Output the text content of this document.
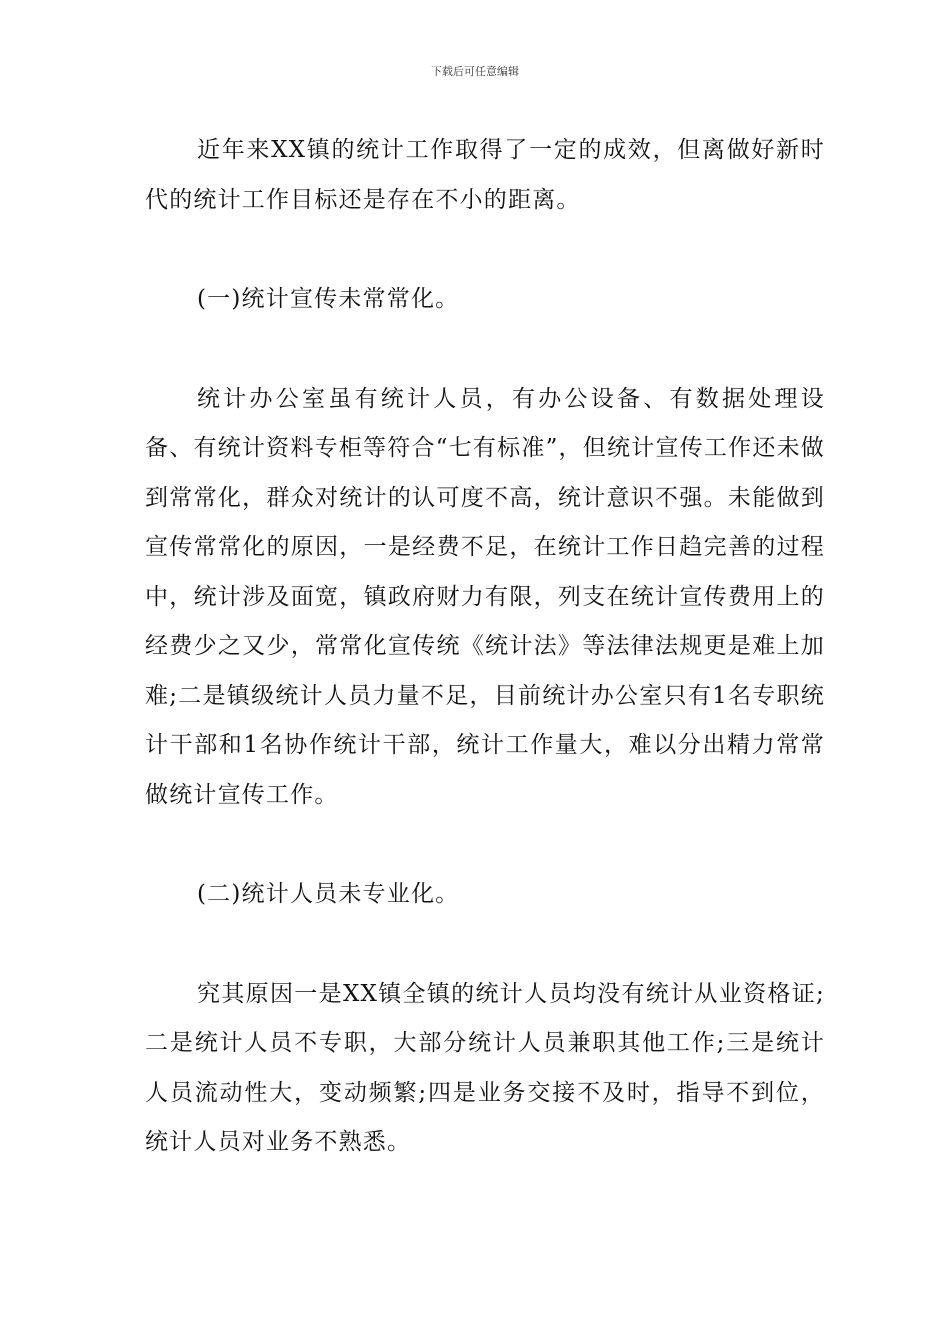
下载后可任意编辑

近年来XX镇的统计工作取得了一定的成效，但离做好新时代的统计工作目标还是存在不小的距离。

(一)统计宣传未常常化。

统计办公室虽有统计人员，有办公设备、有数据处理设备、有统计资料专柜等符合“七有标准”，但统计宣传工作还未做到常常化，群众对统计的认可度不高，统计意识不强。未能做到宣传常常化的原因，一是经费不足，在统计工作日趋完善的过程中，统计涉及面宽，镇政府财力有限，列支在统计宣传费用上的经费少之又少，常常化宣传统《统计法》等法律法规更是难上加难;二是镇级统计人员力量不足，目前统计办公室只有1名专职统计干部和1名协作统计干部，统计工作量大，难以分出精力常常做统计宣传工作。

(二)统计人员未专业化。

究其原因一是XX镇全镇的统计人员均没有统计从业资格证;二是统计人员不专职，大部分统计人员兼职其他工作;三是统计人员流动性大，变动频繁;四是业务交接不及时，指导不到位，统计人员对业务不熟悉。
